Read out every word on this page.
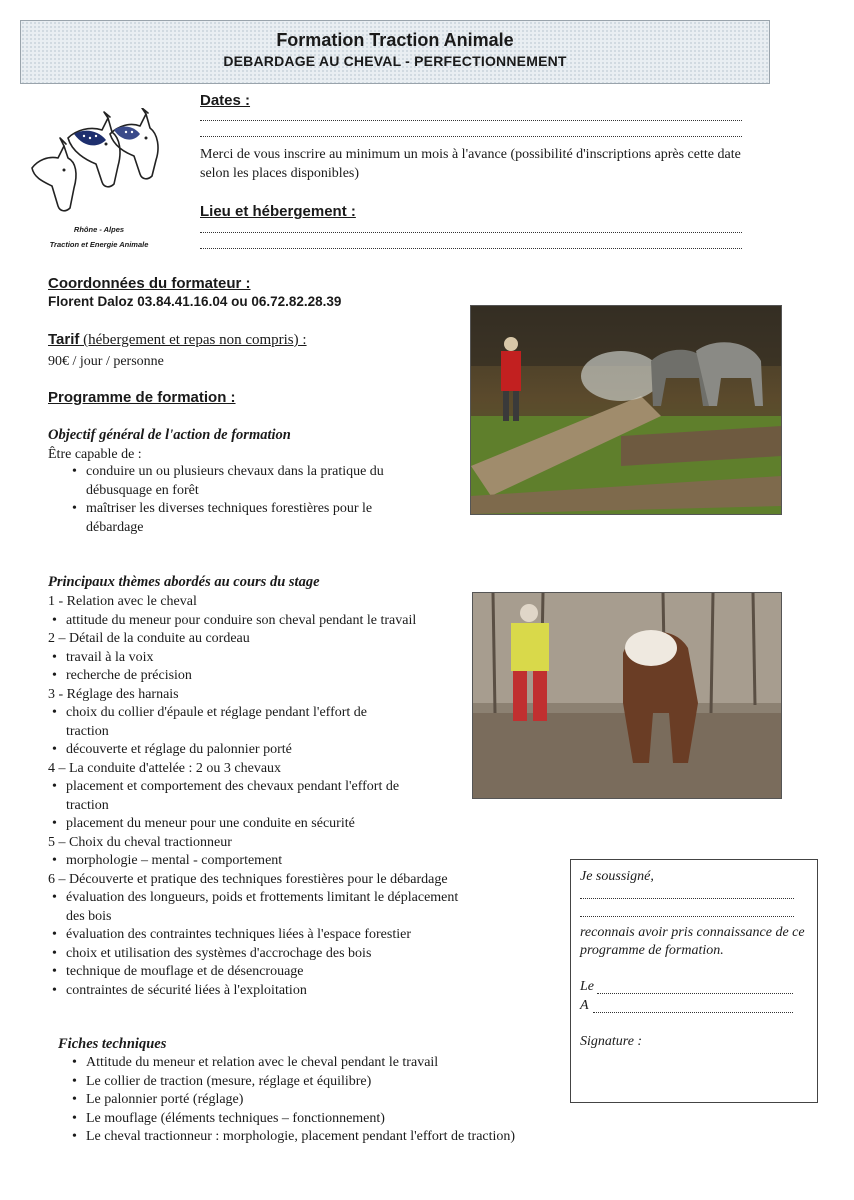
Formation Traction Animale
DEBARDAGE AU CHEVAL - PERFECTIONNEMENT
Rhône - Alpes
Traction et Energie Animale
Dates :
Merci de vous inscrire au minimum un mois à l'avance (possibilité d'inscriptions après cette date selon les places disponibles)
Lieu et hébergement :
Coordonnées du formateur :
Florent Daloz 03.84.41.16.04 ou 06.72.82.28.39
Tarif (hébergement et repas non compris) :
90€ / jour / personne
Programme de formation :
Objectif général de l'action de formation
Être capable de :
• conduire un ou plusieurs chevaux dans la pratique du débusquage en forêt
• maîtriser les diverses techniques forestières pour le débardage
Principaux thèmes abordés au cours du stage
1 - Relation avec le cheval
• attitude du meneur pour conduire son cheval pendant le travail
2 – Détail de la conduite au cordeau
• travail à la voix
• recherche de précision
3 - Réglage des harnais
• choix du collier d'épaule et réglage pendant l'effort de traction
• découverte et réglage du palonnier porté
4 – La conduite d'attelée : 2 ou 3 chevaux
• placement et comportement des chevaux pendant l'effort de traction
• placement du meneur pour une conduite en sécurité
5 – Choix du cheval tractionneur
• morphologie – mental - comportement
6 – Découverte et pratique des techniques forestières pour le débardage
• évaluation des longueurs, poids et frottements limitant le déplacement des bois
• évaluation des contraintes techniques liées à l'espace forestier
• choix et utilisation des systèmes d'accrochage des bois
• technique de mouflage et de désencrouage
• contraintes de sécurité liées à l'exploitation
Fiches techniques
• Attitude du meneur et relation avec le cheval pendant le travail
• Le collier de traction (mesure, réglage et équilibre)
• Le palonnier porté (réglage)
• Le mouflage (éléments techniques – fonctionnement)
• Le cheval tractionneur : morphologie, placement pendant l'effort de traction)
Je soussigné,
reconnais avoir pris connaissance de ce programme de formation.
Le
A
Signature :
